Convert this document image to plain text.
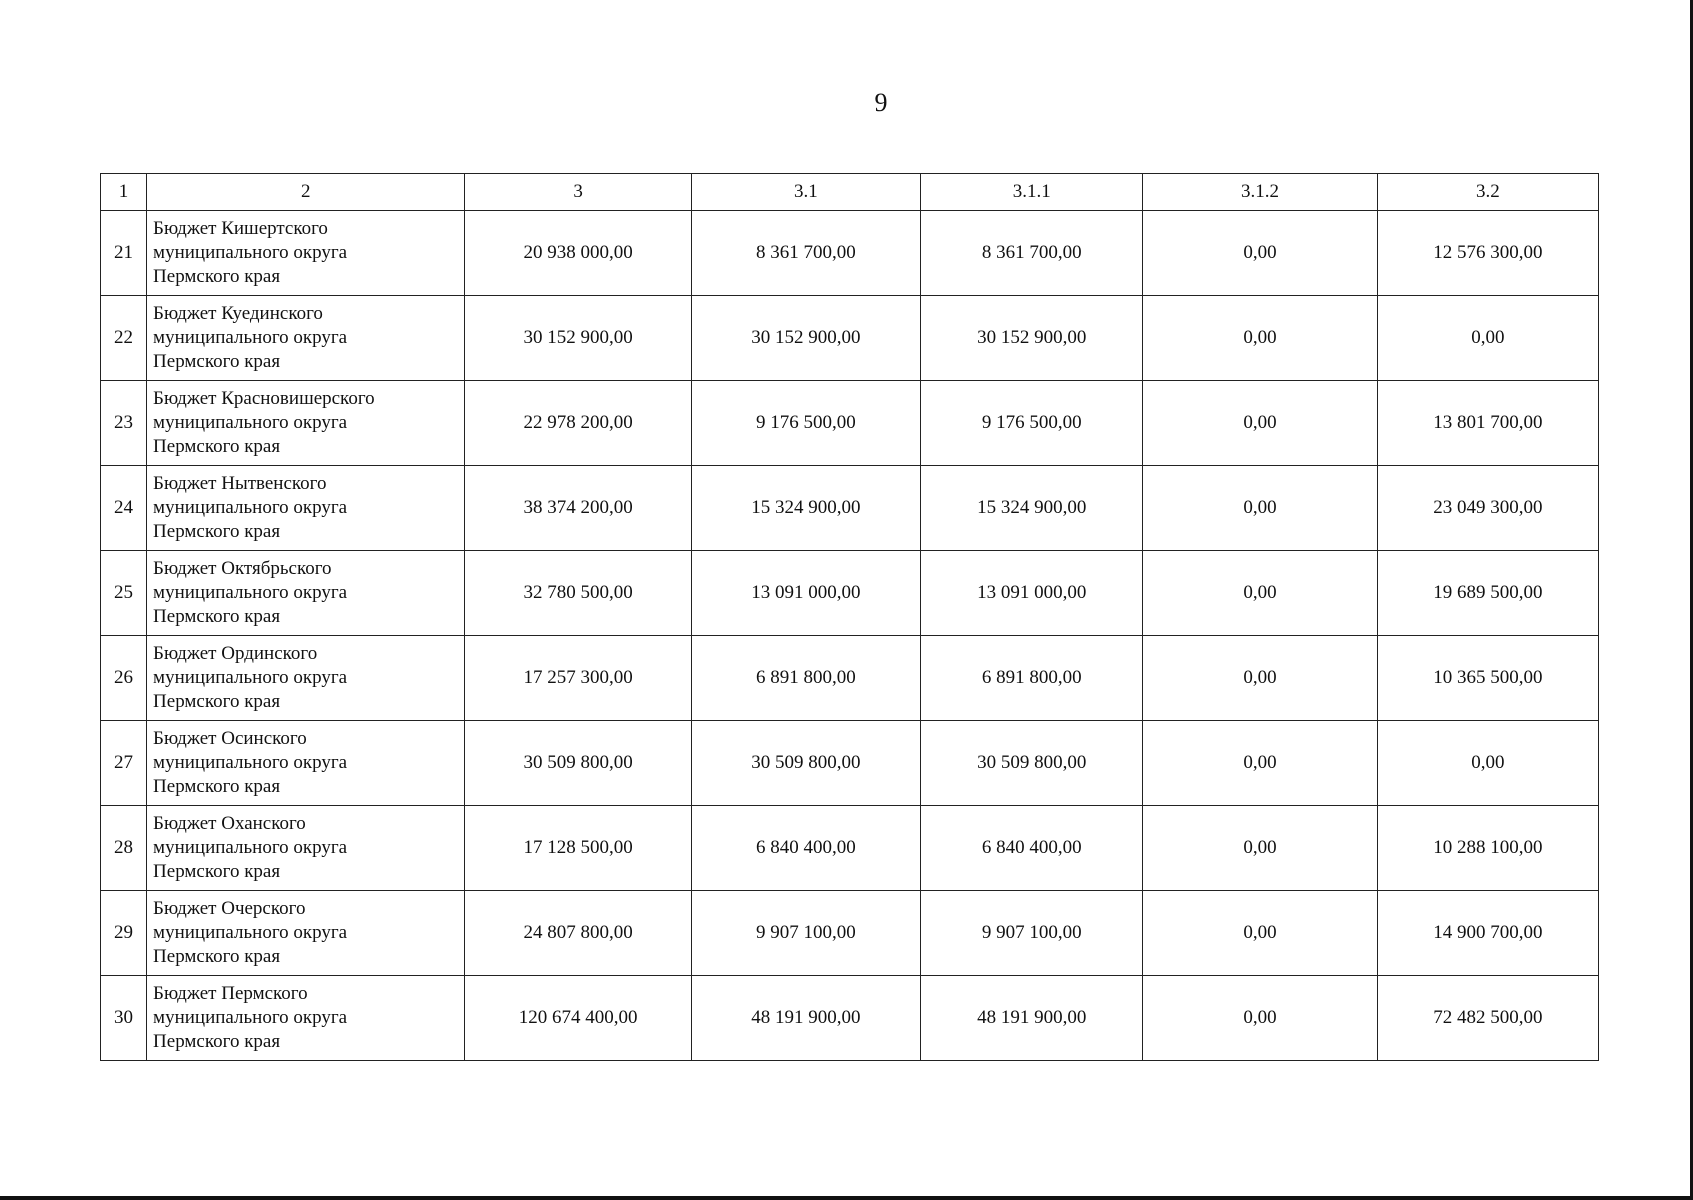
9
1	2	3	3.1	3.1.1	3.1.2	3.2
21	Бюджет Кишертского
муниципального округа
Пермского края	20 938 000,00	8 361 700,00	8 361 700,00	0,00	12 576 300,00
22	Бюджет Куединского
муниципального округа
Пермского края	30 152 900,00	30 152 900,00	30 152 900,00	0,00	0,00
23	Бюджет Красновишерского
муниципального округа
Пермского края	22 978 200,00	9 176 500,00	9 176 500,00	0,00	13 801 700,00
24	Бюджет Нытвенского
муниципального округа
Пермского края	38 374 200,00	15 324 900,00	15 324 900,00	0,00	23 049 300,00
25	Бюджет Октябрьского
муниципального округа
Пермского края	32 780 500,00	13 091 000,00	13 091 000,00	0,00	19 689 500,00
26	Бюджет Ординского
муниципального округа
Пермского края	17 257 300,00	6 891 800,00	6 891 800,00	0,00	10 365 500,00
27	Бюджет Осинского
муниципального округа
Пермского края	30 509 800,00	30 509 800,00	30 509 800,00	0,00	0,00
28	Бюджет Оханского
муниципального округа
Пермского края	17 128 500,00	6 840 400,00	6 840 400,00	0,00	10 288 100,00
29	Бюджет Очерского
муниципального округа
Пермского края	24 807 800,00	9 907 100,00	9 907 100,00	0,00	14 900 700,00
30	Бюджет Пермского
муниципального округа
Пермского края	120 674 400,00	48 191 900,00	48 191 900,00	0,00	72 482 500,00
